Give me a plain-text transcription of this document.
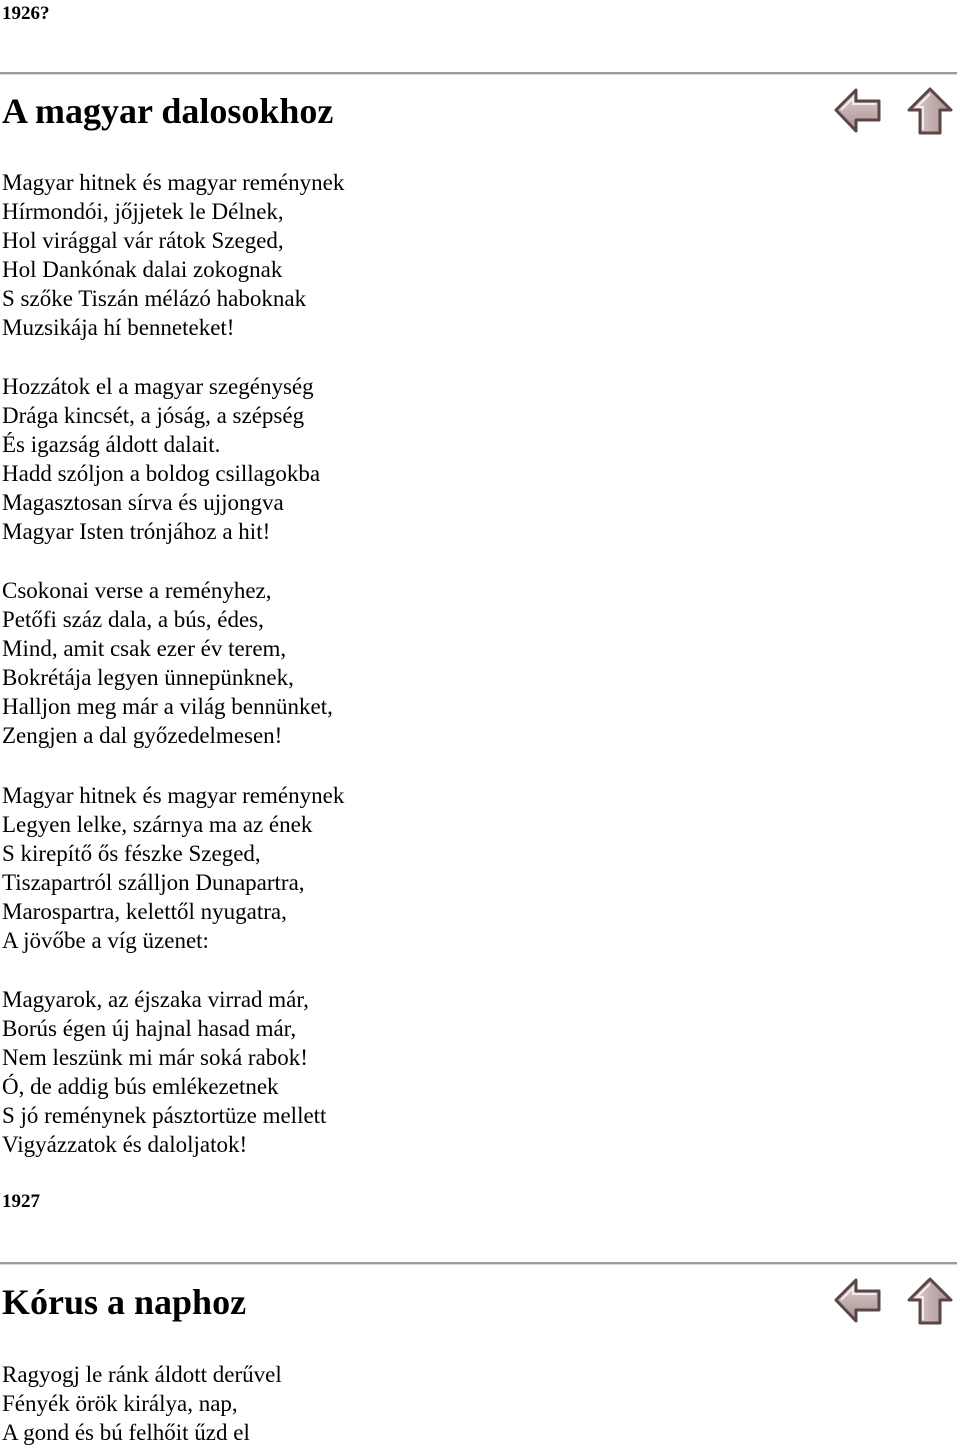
1926?

A magyar dalosokhoz
Magyar hitnek és magyar reménynek
Hírmondói, jőjjetek le Délnek,
Hol virággal vár rátok Szeged,
Hol Dankónak dalai zokognak
S szőke Tiszán mélázó haboknak
Muzsikája hí benneteket!
Hozzátok el a magyar szegénység
Drága kincsét, a jóság, a szépség
És igazság áldott dalait.
Hadd szóljon a boldog csillagokba
Magasztosan sírva és ujjongva
Magyar Isten trónjához a hit!
Csokonai verse a reményhez,
Petőfi száz dala, a bús, édes,
Mind, amit csak ezer év terem,
Bokrétája legyen ünnepünknek,
Halljon meg már a világ bennünket,
Zengjen a dal győzedelmesen!
Magyar hitnek és magyar reménynek
Legyen lelke, szárnya ma az ének
S kirepítő ős fészke Szeged,
Tiszapartról szálljon Dunapartra,
Marospartra, kelettől nyugatra,
A jövőbe a víg üzenet:
Magyarok, az éjszaka virrad már,
Borús égen új hajnal hasad már,
Nem leszünk mi már soká rabok!
Ó, de addig bús emlékezetnek
S jó reménynek pásztortüze mellett
Vigyázzatok és daloljatok!

1927

Kórus a naphoz
Ragyogj le ránk áldott derűvel
Fényék örök királya, nap,
A gond és bú felhőit űzd el
